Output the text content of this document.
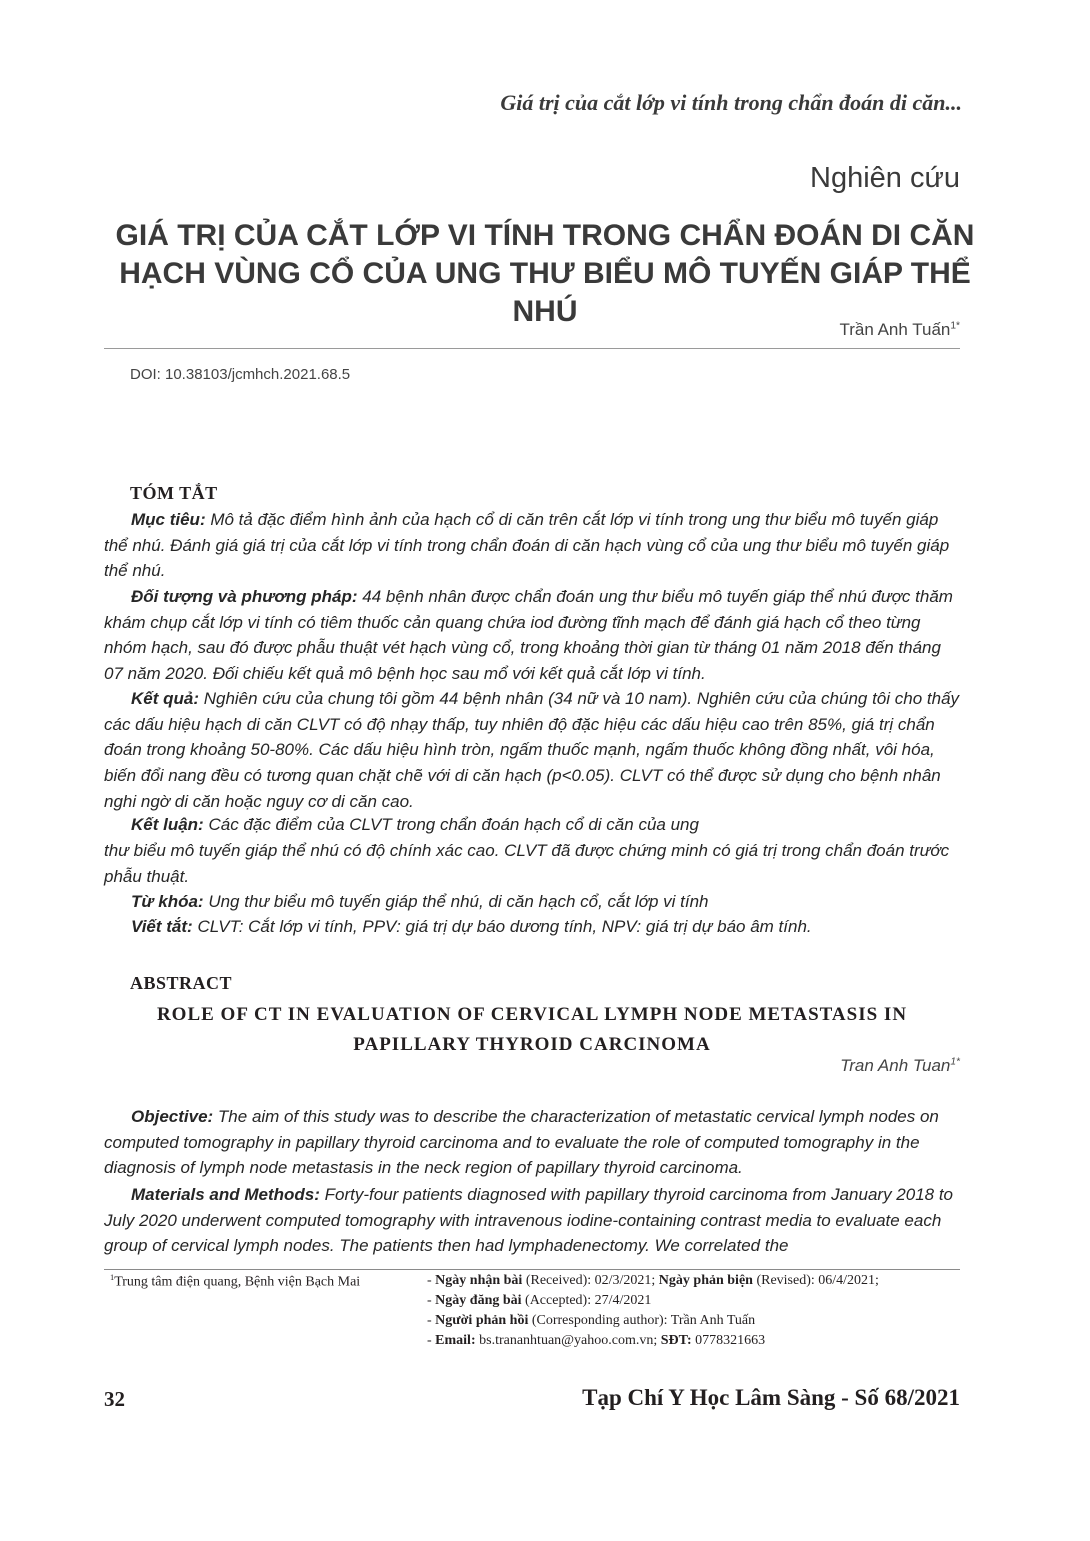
Giá trị của cắt lớp vi tính trong chẩn đoán di căn...
Nghiên cứu
GIÁ TRỊ CỦA CẮT LỚP VI TÍNH TRONG CHẨN ĐOÁN DI CĂN
HẠCH VÙNG CỔ CỦA UNG THƯ BIỂU MÔ TUYẾN GIÁP THỂ NHÚ
Trần Anh Tuấn$^{1*}$
DOI: 10.38103/jcmhch.2021.68.5
TÓM TẮT
Mục tiêu: Mô tả đặc điểm hình ảnh của hạch cổ di căn trên cắt lớp vi tính trong ung thư biểu mô tuyến giáp thể nhú. Đánh giá giá trị của cắt lớp vi tính trong chẩn đoán di căn hạch vùng cổ của ung thư biểu mô tuyến giáp thể nhú.
Đối tượng và phương pháp: 44 bệnh nhân được chẩn đoán ung thư biểu mô tuyến giáp thể nhú được thăm khám chụp cắt lớp vi tính có tiêm thuốc cản quang chứa iod đường tĩnh mạch để đánh giá hạch cổ theo từng nhóm hạch, sau đó được phẫu thuật vét hạch vùng cổ, trong khoảng thời gian từ tháng 01 năm 2018 đến tháng 07 năm 2020. Đối chiếu kết quả mô bệnh học sau mổ với kết quả cắt lớp vi tính.
Kết quả: Nghiên cứu của chung tôi gồm 44 bệnh nhân (34 nữ và 10 nam). Nghiên cứu của chúng tôi cho thấy các dấu hiệu hạch di căn CLVT có độ nhạy thấp, tuy nhiên độ đặc hiệu các dấu hiệu cao trên 85%, giá trị chẩn đoán trong khoảng 50-80%. Các dấu hiệu hình tròn, ngấm thuốc mạnh, ngấm thuốc không đồng nhất, vôi hóa, biến đổi nang đều có tương quan chặt chẽ với di căn hạch (p<0.05). CLVT có thể được sử dụng cho bệnh nhân nghi ngờ di căn hoặc nguy cơ di căn cao.
Kết luận: Các đặc điểm của CLVT trong chẩn đoán hạch cổ di căn của ung
thư biểu mô tuyến giáp thể nhú có độ chính xác cao. CLVT đã được chứng minh có giá trị trong chẩn đoán trước phẫu thuật.
Từ khóa: Ung thư biểu mô tuyến giáp thể nhú, di căn hạch cổ, cắt lớp vi tính
Viết tắt: CLVT: Cắt lớp vi tính, PPV: giá trị dự báo dương tính, NPV: giá trị dự báo âm tính.
ABSTRACT
ROLE OF CT IN EVALUATION OF CERVICAL LYMPH NODE METASTASIS IN
PAPILLARY THYROID CARCINOMA
Tran Anh Tuan$^{1*}$
Objective: The aim of this study was to describe the characterization of metastatic cervical lymph nodes on computed tomography in papillary thyroid carcinoma and to evaluate the role of computed tomography in the diagnosis of lymph node metastasis in the neck region of papillary thyroid carcinoma.
Materials and Methods: Forty-four patients diagnosed with papillary thyroid carcinoma from January 2018 to July 2020 underwent computed tomography with intravenous iodine-containing contrast media to evaluate each group of cervical lymph nodes. The patients then had lymphadenectomy. We correlated the
$^1$Trung tâm điện quang, Bệnh viện Bạch Mai	- Ngày nhận bài (Received): 02/3/2021; Ngày phản biện (Revised): 06/4/2021;
- Ngày đăng bài (Accepted): 27/4/2021
- Người phản hồi (Corresponding author): Trần Anh Tuấn
- Email: bs.trananhtuan@yahoo.com.vn; SĐT: 0778321663
32	Tạp Chí Y Học Lâm Sàng - Số 68/2021
